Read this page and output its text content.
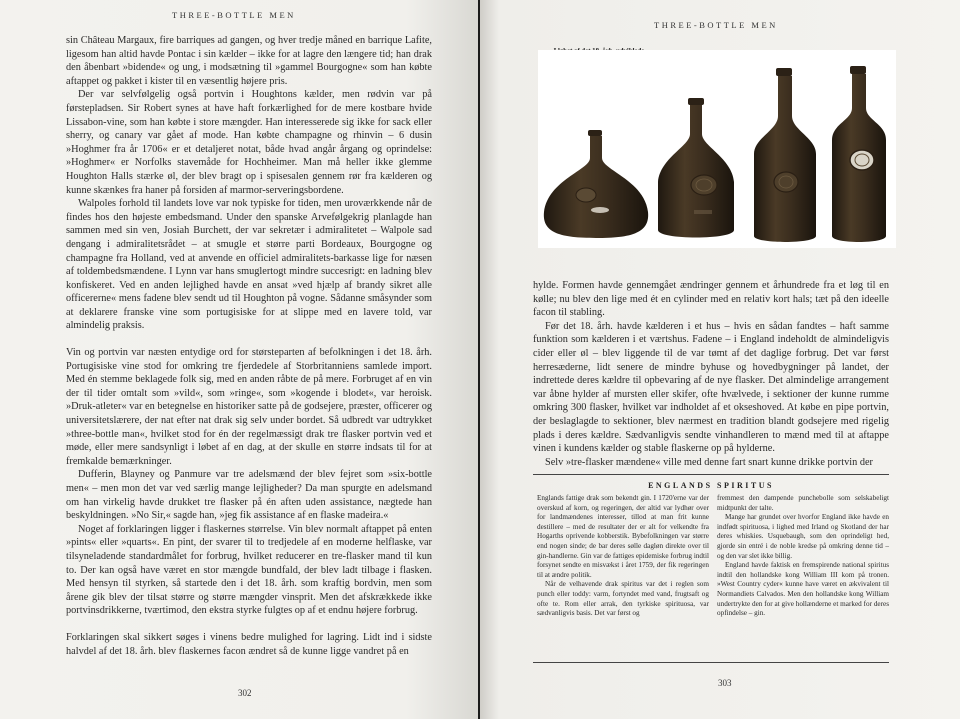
THREE-BOTTLE MEN

sin Château Margaux, fire barriques ad gangen, og hver tredje måned en barrique Lafite, ligesom han altid havde Pontac i sin kælder – ikke for at lagre den længere tid; han drak den åbenbart »bidende« og ung, i modsætning til »gammel Bourgogne« som han købte aftappet og pakket i kister til en væsentlig højere pris.

Der var selvfølgelig også portvin i Houghtons kælder, men rødvin var på førstepladsen. Sir Robert synes at have haft forkærlighed for de mere kostbare hvide Lissabon-vine, som han købte i store mængder. Han interesserede sig ikke for sack eller sherry, og canary var gået af mode. Han købte champagne og rhinvin – 6 dusin »Hoghmer fra år 1706« er et detaljeret notat, både hvad angår årgang og oprindelse: »Hoghmer« er Norfolks stavemåde for Hochheimer. Man må heller ikke glemme Houghton Halls stærke øl, der blev bragt op i spisesalen gennem rør fra kælderen og kunne skænkes fra haner på forsiden af marmor-serveringsbordene.

Walpoles forhold til landets love var nok typiske for tiden, men uroværkkende når de findes hos den højeste embedsmand. Under den spanske Arvefølgekrig planlagde han sammen med sin ven, Josiah Burchett, der var sekretær i admiralitetet – Walpole sad dengang i admiralitetsrådet – at smugle et større parti Bordeaux, Bourgogne og champagne fra Holland, ved at anvende en officiel admiralitets-barkasse lige for næsen af toldembedsmændene. I Lynn var hans smuglertogt mindre succesrigt: en ladning blev konfiskeret. Ved en anden lejlighed havde en ansat »ved hjælp af brandy sikret alle officererne« mens fadene blev sendt ud til Houghton på vogne. Sådanne småsynder som at deklarere franske vine som portugisiske for at slippe med en lavere told, var almindelig praksis.

Vin og portvin var næsten entydige ord for størsteparten af befolkningen i det 18. årh. Portugisiske vine stod for omkring tre fjerdedele af Storbritanniens samlede import. Med én stemme beklagede folk sig, med en anden råbte de på mere. Forbruget af en vin der til tider omtalt som »vild«, som »ringe«, som »kogende i blodet«, var heroisk. »Druk-atleter« var en betegnelse en historiker satte på de godsejere, præster, officerer og universitetslærere, der nat efter nat drak sig selv under bordet. Så udbredt var udtrykket »three-bottle man«, hvilket stod for én der regelmæssigt drak tre flasker portvin ved et møde, eller mere sandsynligt i løbet af en dag, at der skulle en større indsats til for at fremkalde bemærkninger.

Dufferin, Blayney og Panmure var tre adelsmænd der blev fejret som »six-bottle men« – men mon det var ved særlig mange lejligheder? Da man spurgte en adelsmand om han virkelig havde drukket tre flasker på én aften uden assistance, nægtede han beskyldningen. »No Sir,« sagde han, »jeg fik assistance af en flaske madeira.«

Noget af forklaringen ligger i flaskernes størrelse. Vin blev normalt aftappet på enten »pints« eller »quarts«. En pint, der svarer til to tredjedele af en moderne helflaske, var tilsyneladende standardmålet for forbrug, hvilket reducerer en tre-flasker mand til kun to. Der kan også have været en stor mængde bundfald, der blev ladt tilbage i flasken. Med hensyn til styrken, så startede den i det 18. årh. som kraftig bordvin, men som årene gik blev der tilsat større og større mængder vinsprit. Men det afskrækkede ikke portvinsdrikkerne, tværtimod, den ekstra styrke fulgtes op af et endnu højere forbrug.

Forklaringen skal sikkert søges i vinens bedre mulighed for lagring. Lidt ind i sidste halvdel af det 18. årh. blev flaskernes facon ændret så de kunne ligge vandret på en

302
THREE-BOTTLE MEN

hylde. Formen havde gennemgået ændringer gennem et århundrede fra et løg til en kølle; nu blev den lige med ét en cylinder med en relativ kort hals; tæt på den ideelle facon til stabling.

Før det 18. årh. havde kælderen i et hus – hvis en sådan fandtes – haft samme funktion som kælderen i et værtshus. Fadene – i England indeholdt de almindeligvis cider eller øl – blev liggende til de var tømt af det daglige forbrug. Det var først herresæderne, lidt senere de mindre byhuse og hovedbygninger på landet, der indrettede deres kældre til opbevaring af de nye flasker. Det almindelige arrangement var åbne hylder af mursten eller skifer, ofte hvælvede, i sektioner der kunne rumme omkring 300 flasker, hvilket var indholdet af et okseshoved. At købe en pipe portvin, der beslaglagde to sektioner, blev nærmest en tradition blandt godsejere med rigelig plads i deres kældre. Sædvanligvis sendte vinhandleren to mænd med til at aftappe vinen i kundens kælder og stable flaskerne op på hylderne.

Selv »tre-flasker mændene« ville med denne fart snart kunne drikke portvin der

303
ENGLANDS SPIRITUS

Englands fattige drak som bekendt gin. I 1720'erne var der overskud af korn, og regeringen, der altid var lydhør over for landmændenes interesser, tillod at man frit kunne destillere – med de resultater der er alt for velkendte fra Hogarths oprivende kobberstik. Bybefolkningen var større end nogen sinde; de bar deres sølle dagløn direkte over til gin-handlerne. Gin var de fattiges epidemiske forbrug indtil forsynet sendte en misvækst i året 1759, der fik regeringen til at ændre politik.

Når de velhavende drak spiritus var det i reglen som punch eller toddy: varm, fortyndet med vand, frugtsaft og ofte te. Rom eller arrak, den tyrkiske spirituosa, var sædvanligvis basis. Det var først og

fremmest den dampende punchebolle som selskabeligt midtpunkt der talte.

Mange har grundet over hvorfor England ikke havde en indfødt spirituosa, i lighed med Irland og Skotland der har deres whiskies. Usquebaugh, som den oprindeligt hed, gjorde sin entré i de noble kredse på omkring denne tid – og den var slet ikke billig.

England havde faktisk en fremspirende national spiritus indtil den hollandske kong William III kom på tronen. »West Country cyder« kunne have været en ækvivalent til Normandiets Calvados. Men den hollandske kong William undertrykte den for at give hollænderne et marked for deres opfindelse – gin.
